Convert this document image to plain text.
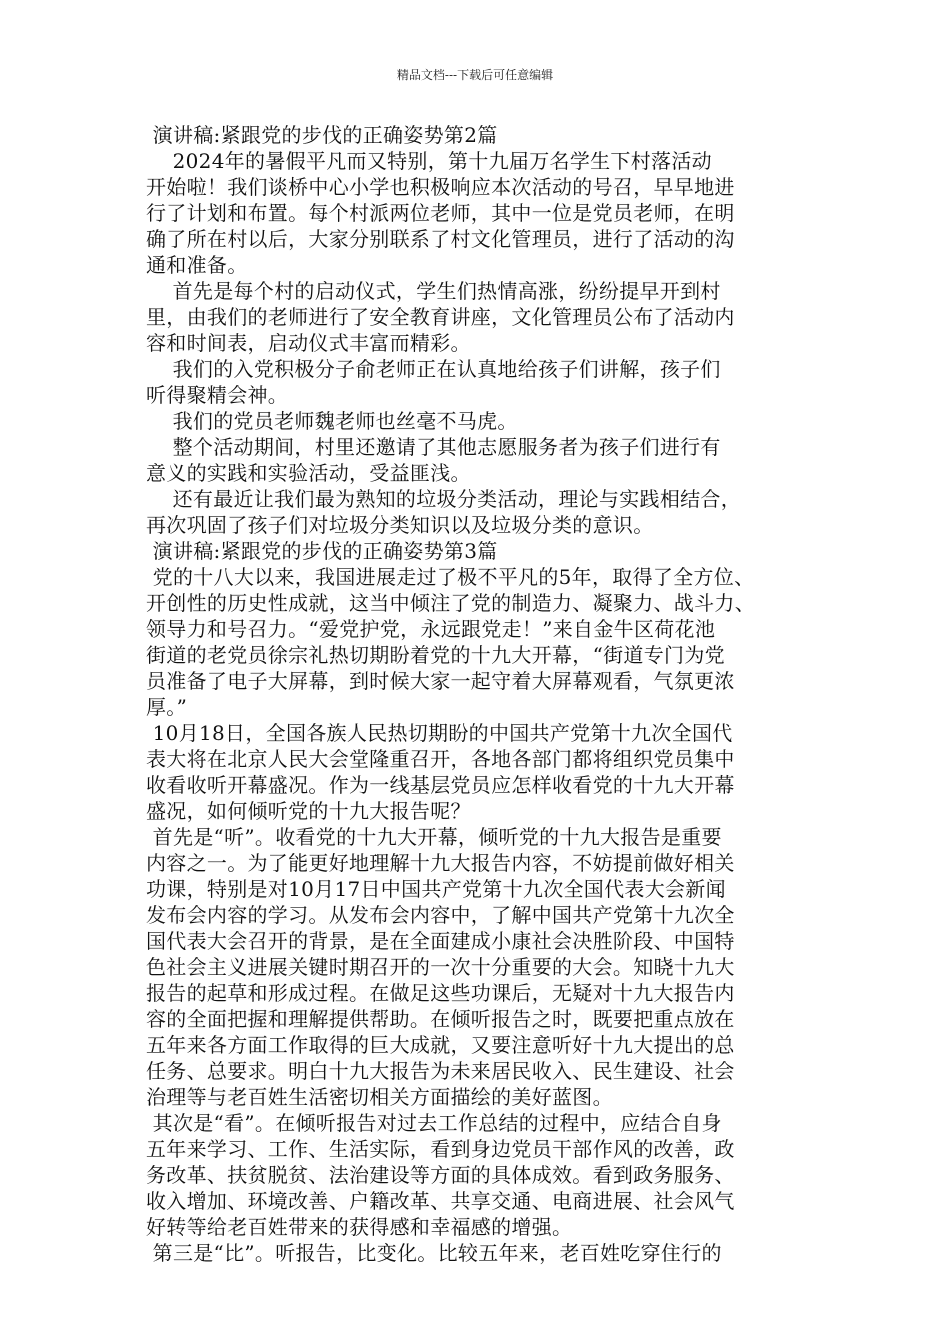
精品文档---下载后可任意编辑
演讲稿:紧跟党的步伐的正确姿势第2篇
2024年的暑假平凡而又特别，第十九届万名学生下村落活动
开始啦！我们谈桥中心小学也积极响应本次活动的号召，早早地进
行了计划和布置。每个村派两位老师，其中一位是党员老师，在明
确了所在村以后，大家分别联系了村文化管理员，进行了活动的沟
通和准备。
首先是每个村的启动仪式，学生们热情高涨，纷纷提早开到村
里，由我们的老师进行了安全教育讲座，文化管理员公布了活动内
容和时间表，启动仪式丰富而精彩。
我们的入党积极分子俞老师正在认真地给孩子们讲解，孩子们
听得聚精会神。
我们的党员老师魏老师也丝毫不马虎。
整个活动期间，村里还邀请了其他志愿服务者为孩子们进行有
意义的实践和实验活动，受益匪浅。
还有最近让我们最为熟知的垃圾分类活动，理论与实践相结合，
再次巩固了孩子们对垃圾分类知识以及垃圾分类的意识。
演讲稿:紧跟党的步伐的正确姿势第3篇
党的十八大以来，我国进展走过了极不平凡的5年，取得了全方位、
开创性的历史性成就，这当中倾注了党的制造力、凝聚力、战斗力、
领导力和号召力。“爱党护党，永远跟党走！”来自金牛区荷花池
街道的老党员徐宗礼热切期盼着党的十九大开幕，“街道专门为党
员准备了电子大屏幕，到时候大家一起守着大屏幕观看，气氛更浓
厚。”
10月18日，全国各族人民热切期盼的中国共产党第十九次全国代
表大将在北京人民大会堂隆重召开，各地各部门都将组织党员集中
收看收听开幕盛况。作为一线基层党员应怎样收看党的十九大开幕
盛况，如何倾听党的十九大报告呢？
首先是“听”。收看党的十九大开幕，倾听党的十九大报告是重要
内容之一。为了能更好地理解十九大报告内容，不妨提前做好相关
功课，特别是对10月17日中国共产党第十九次全国代表大会新闻
发布会内容的学习。从发布会内容中，了解中国共产党第十九次全
国代表大会召开的背景，是在全面建成小康社会决胜阶段、中国特
色社会主义进展关键时期召开的一次十分重要的大会。知晓十九大
报告的起草和形成过程。在做足这些功课后，无疑对十九大报告内
容的全面把握和理解提供帮助。在倾听报告之时，既要把重点放在
五年来各方面工作取得的巨大成就，又要注意听好十九大提出的总
任务、总要求。明白十九大报告为未来居民收入、民生建设、社会
治理等与老百姓生活密切相关方面描绘的美好蓝图。
其次是“看”。在倾听报告对过去工作总结的过程中，应结合自身
五年来学习、工作、生活实际，看到身边党员干部作风的改善，政
务改革、扶贫脱贫、法治建设等方面的具体成效。看到政务服务、
收入增加、环境改善、户籍改革、共享交通、电商进展、社会风气
好转等给老百姓带来的获得感和幸福感的增强。
第三是“比”。听报告，比变化。比较五年来，老百姓吃穿住行的
